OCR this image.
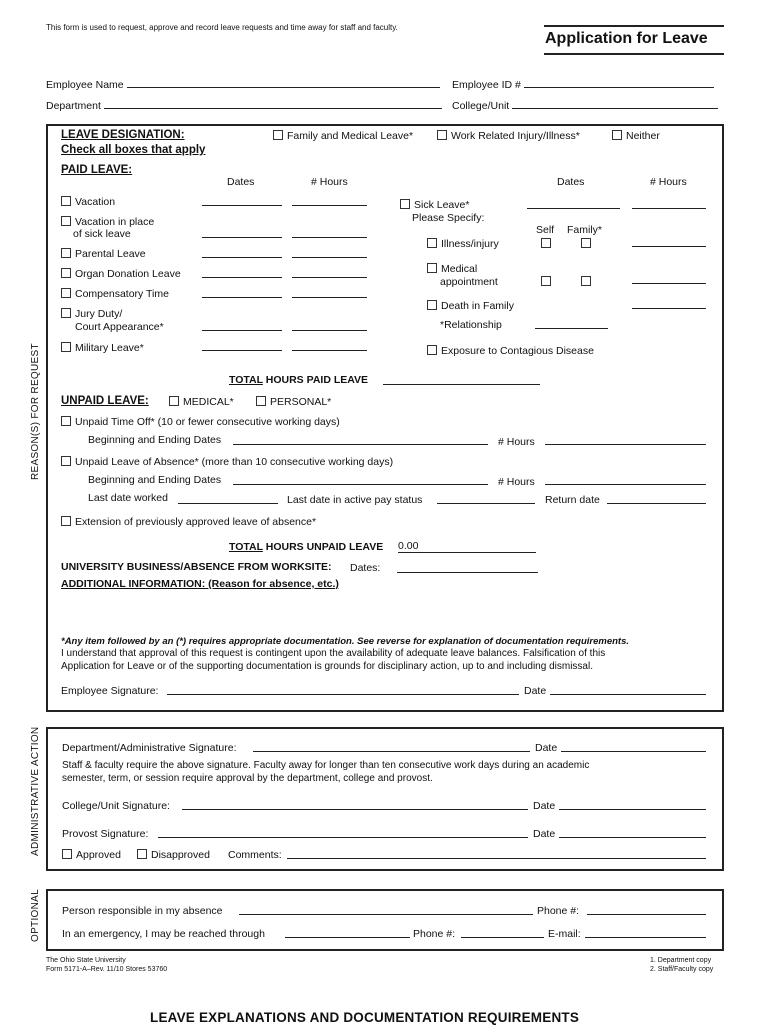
This form is used to request, approve and record leave requests and time away for staff and faculty.
Application for Leave
Employee Name	Employee ID #
Department	College/Unit
REASON(S) FOR REQUEST
ADMINISTRATIVE ACTION
OPTIONAL
LEAVE DESIGNATION:
Check all boxes that apply
Family and Medical Leave*	Work Related Injury/Illness*	Neither
PAID LEAVE:
Dates	# Hours	Dates	# Hours
Vacation
Vacation in place
of sick leave
Parental Leave
Organ Donation Leave
Compensatory Time
Jury Duty/
Court Appearance*
Military Leave*
Sick Leave*
Please Specify:
Self Family*
Illness/injury
Medical
appointment
Death in Family
*Relationship
Exposure to Contagious Disease
TOTAL HOURS PAID LEAVE
UNPAID LEAVE:	MEDICAL*	PERSONAL*
Unpaid Time Off* (10 or fewer consecutive working days)
Beginning and Ending Dates	# Hours
Unpaid Leave of Absence* (more than 10 consecutive working days)
Beginning and Ending Dates	# Hours
Last date worked	Last date in active pay status	Return date
Extension of previously approved leave of absence*
TOTAL HOURS UNPAID LEAVE 0.00
UNIVERSITY BUSINESS/ABSENCE FROM WORKSITE: Dates:
ADDITIONAL INFORMATION: (Reason for absence, etc.)
*Any item followed by an (*) requires appropriate documentation. See reverse for explanation of documentation requirements.
I understand that approval of this request is contingent upon the availability of adequate leave balances. Falsification of this
Application for Leave or of the supporting documentation is grounds for disciplinary action, up to and including dismissal.
Employee Signature:	Date
Department/Administrative Signature:	Date
Staff & faculty require the above signature. Faculty away for longer than ten consecutive work days during an academic
semester, term, or session require approval by the department, college and provost.
College/Unit Signature:	Date
Provost Signature:	Date
Approved	Disapproved Comments:
Person responsible in my absence	Phone #:
In an emergency, I may be reached through	Phone #:	E-mail:
The Ohio State University
Form 5171-A–Rev. 11/10 Stores 53760
1. Department copy
2. Staff/Faculty copy
LEAVE EXPLANATIONS AND DOCUMENTATION REQUIREMENTS
